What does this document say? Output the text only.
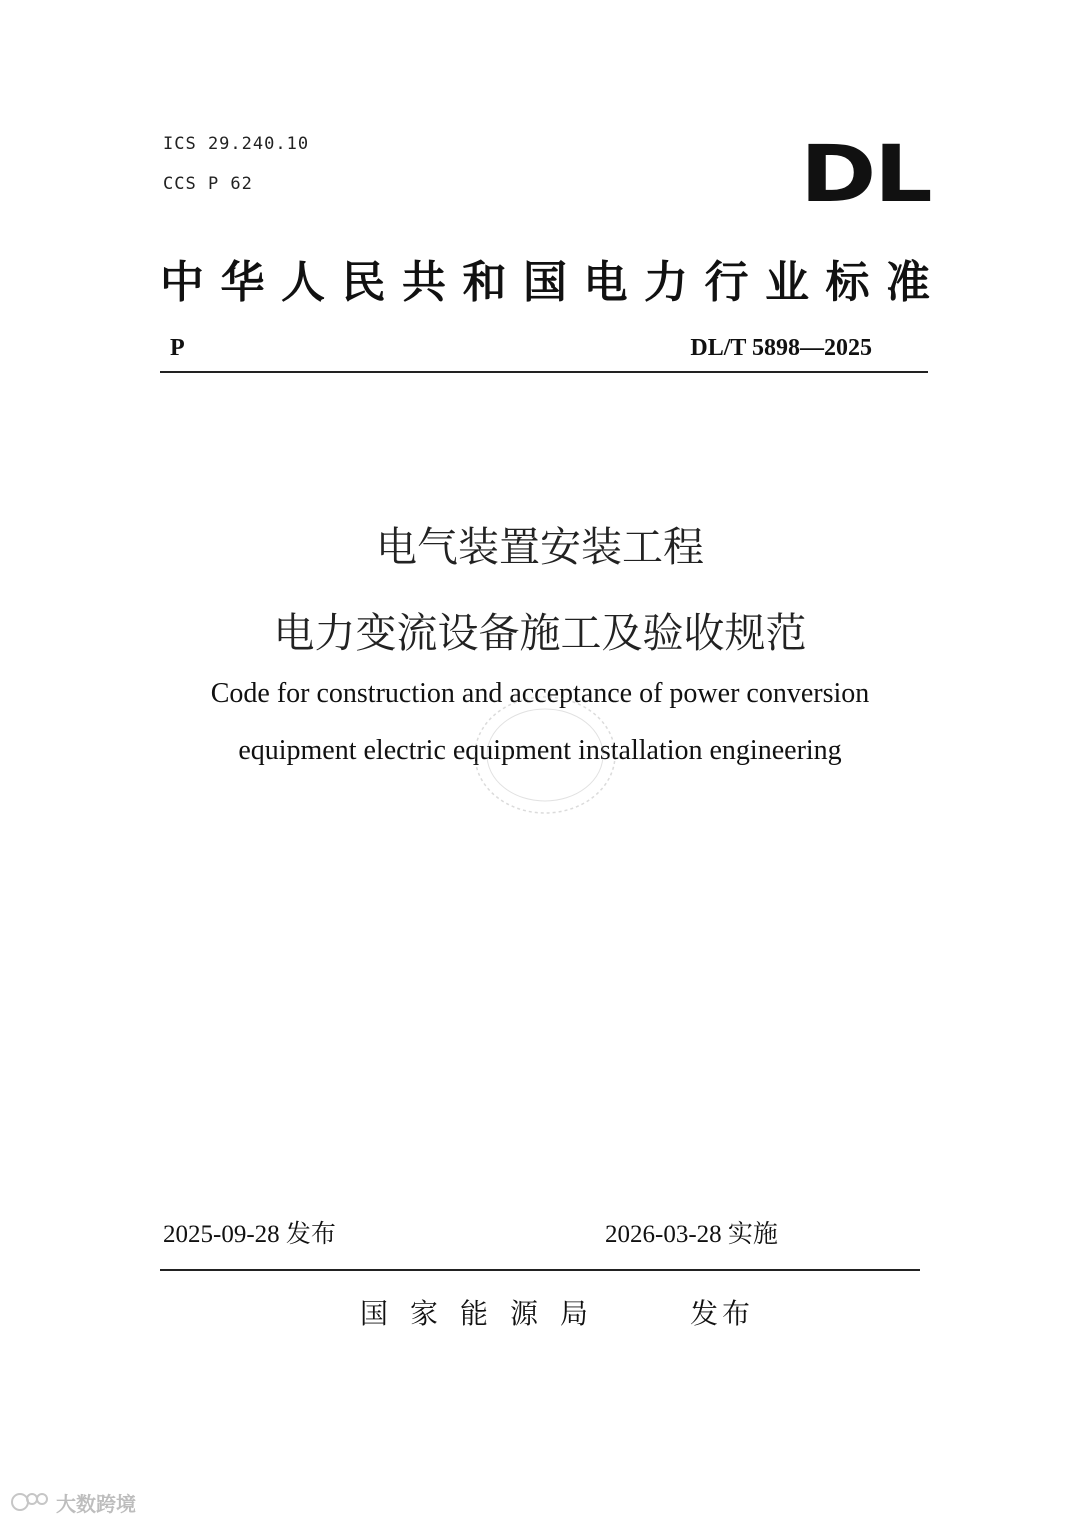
ICS 29.240.10
CCS P 62	DL
中华人民共和国电力行业标准
P	DL/T 5898—2025
电气装置安装工程
电力变流设备施工及验收规范
Code for construction and acceptance of power conversion
equipment electric equipment installation engineering
2025-09-28 发布	2026-03-28 实施
国家能源局	发布
大数跨境
